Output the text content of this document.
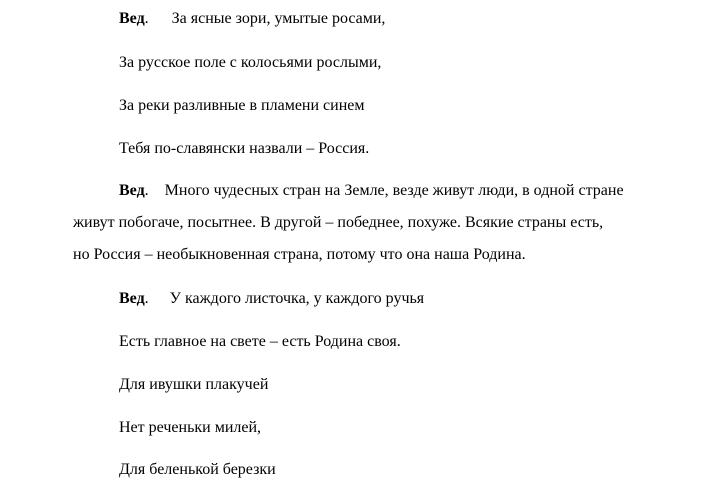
Вед. За ясные зори, умытые росами,
За русское поле с колосьями рослыми,
За реки разливные в пламени синем
Тебя по-славянски назвали – Россия.
Вед. Много чудесных стран на Земле, везде живут люди, в одной стране
живут побогаче, посытнее. В другой – победнее, похуже. Всякие страны есть,
но Россия – необыкновенная страна, потому что она наша Родина.
Вед. У каждого листочка, у каждого ручья
Есть главное на свете – есть Родина своя.
Для ивушки плакучей
Нет реченьки милей,
Для беленькой березки
